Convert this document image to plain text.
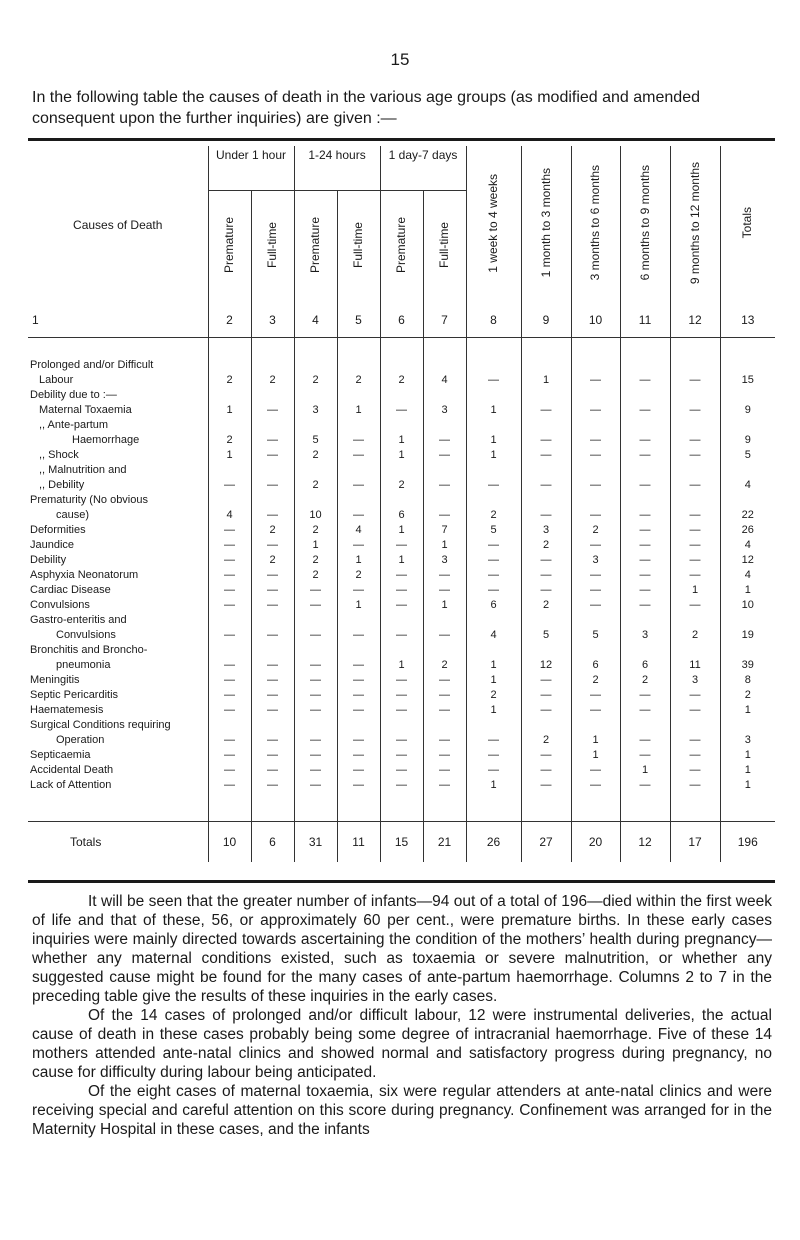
15
In the following table the causes of death in the various age groups (as modified and amended consequent upon the further inquiries) are given :—
Causes of Death	Under 1 hour		1-24 hours		1 day-7 days		1 week to 4 weeks	1 month to 3 months	3 months to 6 months	6 months to 9 months	9 months to 12 months	Totals
	Premature	Full-time	Premature	Full-time	Premature	Full-time						
1	2	3	4	5	6	7	8	9	10	11	12	13

Prolonged and/or Difficult
Labour	2	2	2	2	2	4	—	1	—	—	—	15

Debility due to :—
Maternal Toxaemia	1	—	3	1	—	3	1	—	—	—	—	9

,, Ante-partum
Haemorrhage	2	—	5	—	1	—	1	—	—	—	—	9

,, Shock	1	—	2	—	1	—	1	—	—	—	—	5

,, Malnutrition and
,, Debility	—	—	2	—	2	—	—	—	—	—	—	4

Prematurity (No obvious
cause)	4	—	10	—	6	—	2	—	—	—	—	22

Deformities	—	2	2	4	1	7	5	3	2	—	—	26

Jaundice	—	—	1	—	—	1	—	2	—	—	—	4

Debility	—	2	2	1	1	3	—	—	3	—	—	12

Asphyxia Neonatorum	—	—	2	2	—	—	—	—	—	—	—	4

Cardiac Disease	—	—	—	—	—	—	—	—	—	—	1	1

Convulsions	—	—	—	1	—	1	6	2	—	—	—	10

Gastro-enteritis and
Convulsions	—	—	—	—	—	—	4	5	5	3	2	19

Bronchitis and Broncho-
pneumonia	—	—	—	—	1	2	1	12	6	6	11	39

Meningitis	—	—	—	—	—	—	1	—	2	2	3	8

Septic Pericarditis	—	—	—	—	—	—	2	—	—	—	—	2

Haematemesis	—	—	—	—	—	—	1	—	—	—	—	1

Surgical Conditions requiring
Operation	—	—	—	—	—	—	—	2	1	—	—	3

Septicaemia	—	—	—	—	—	—	—	—	1	—	—	1

Accidental Death	—	—	—	—	—	—	—	—	—	1	—	1

Lack of Attention	—	—	—	—	—	—	1	—	—	—	—	1

Totals	10	6	31	11	15	21	26	27	20	12	17	196

It will be seen that the greater number of infants—94 out of a total of 196—died within the first week of life and that of these, 56, or approximately 60 per cent., were premature births. In these early cases inquiries were mainly directed towards ascertaining the condition of the mothers’ health during pregnancy—whether any maternal conditions existed, such as toxaemia or severe malnutrition, or whether any suggested cause might be found for the many cases of ante-partum haemorrhage. Columns 2 to 7 in the preceding table give the results of these inquiries in the early cases.

Of the 14 cases of prolonged and/or difficult labour, 12 were instrumental deliveries, the actual cause of death in these cases probably being some degree of intracranial haemorrhage. Five of these 14 mothers attended ante-natal clinics and showed normal and satisfactory progress during pregnancy, no cause for difficulty during labour being anticipated.

Of the eight cases of maternal toxaemia, six were regular attenders at ante-natal clinics and were receiving special and careful attention on this score during pregnancy. Confinement was arranged for in the Maternity Hospital in these cases, and the infants
